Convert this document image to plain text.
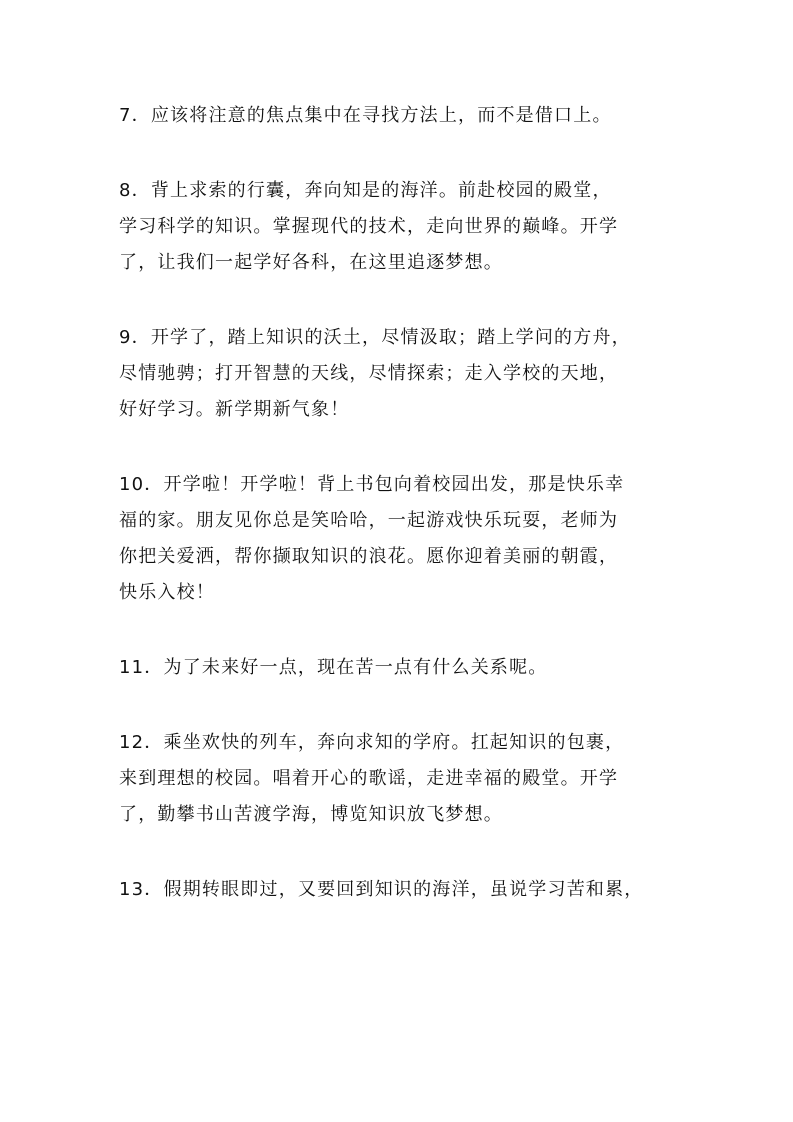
7．应该将注意的焦点集中在寻找方法上，而不是借口上。

8．背上求索的行囊，奔向知是的海洋。前赴校园的殿堂，
学习科学的知识。掌握现代的技术，走向世界的巅峰。开学
了，让我们一起学好各科，在这里追逐梦想。

9．开学了，踏上知识的沃土，尽情汲取；踏上学问的方舟，
尽情驰骋；打开智慧的天线，尽情探索；走入学校的天地，
好好学习。新学期新气象！

10．开学啦！开学啦！背上书包向着校园出发，那是快乐幸
福的家。朋友见你总是笑哈哈，一起游戏快乐玩耍，老师为
你把关爱洒，帮你撷取知识的浪花。愿你迎着美丽的朝霞，
快乐入校！

11．为了未来好一点，现在苦一点有什么关系呢。

12．乘坐欢快的列车，奔向求知的学府。扛起知识的包裹，
来到理想的校园。唱着开心的歌谣，走进幸福的殿堂。开学
了，勤攀书山苦渡学海，博览知识放飞梦想。

13．假期转眼即过，又要回到知识的海洋，虽说学习苦和累，
